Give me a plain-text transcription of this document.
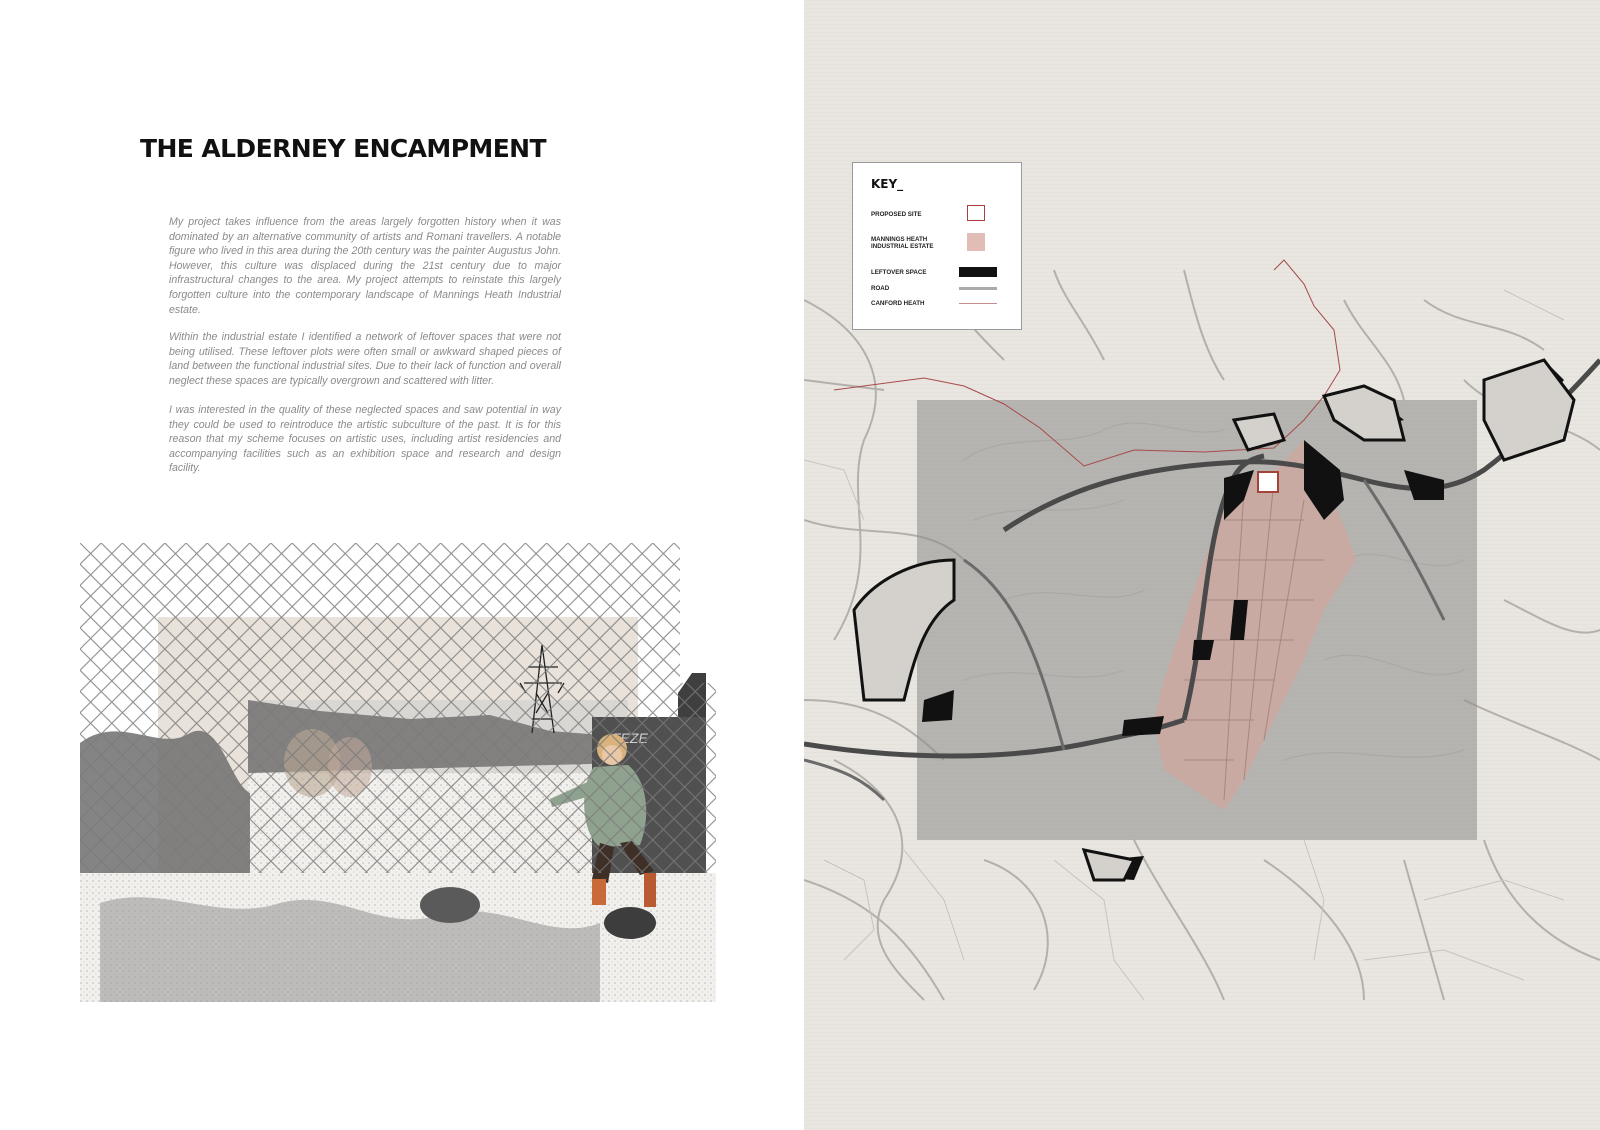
THE ALDERNEY ENCAMPMENT

My project takes influence from the areas largely forgotten history when it was dominated by an alternative community of artists and Romani travellers. A notable figure who lived in this area during the 20th century was the painter Augustus John. However, this culture was displaced during the 21st century due to major infrastructural changes to the area. My project attempts to reinstate this largely forgotten culture into the contemporary landscape of Mannings Heath Industrial estate.

Within the industrial estate I identified a network of leftover spaces that were not being utilised. These leftover plots were often small or awkward shaped pieces of land between the functional industrial sites. Due to their lack of function and overall neglect these spaces are typically overgrown and scattered with litter.

I was interested in the quality of these neglected spaces and saw potential in way they could be used to reintroduce the artistic subculture of the past. It is for this reason that my scheme focuses on artistic uses, including artist residencies and accompanying facilities such as an exhibition space and research and design facility.

KEY_

PROPOSED SITE
MANNINGS HEATH INDUSTRIAL ESTATE
LEFTOVER SPACE
ROAD
CANFORD HEATH
